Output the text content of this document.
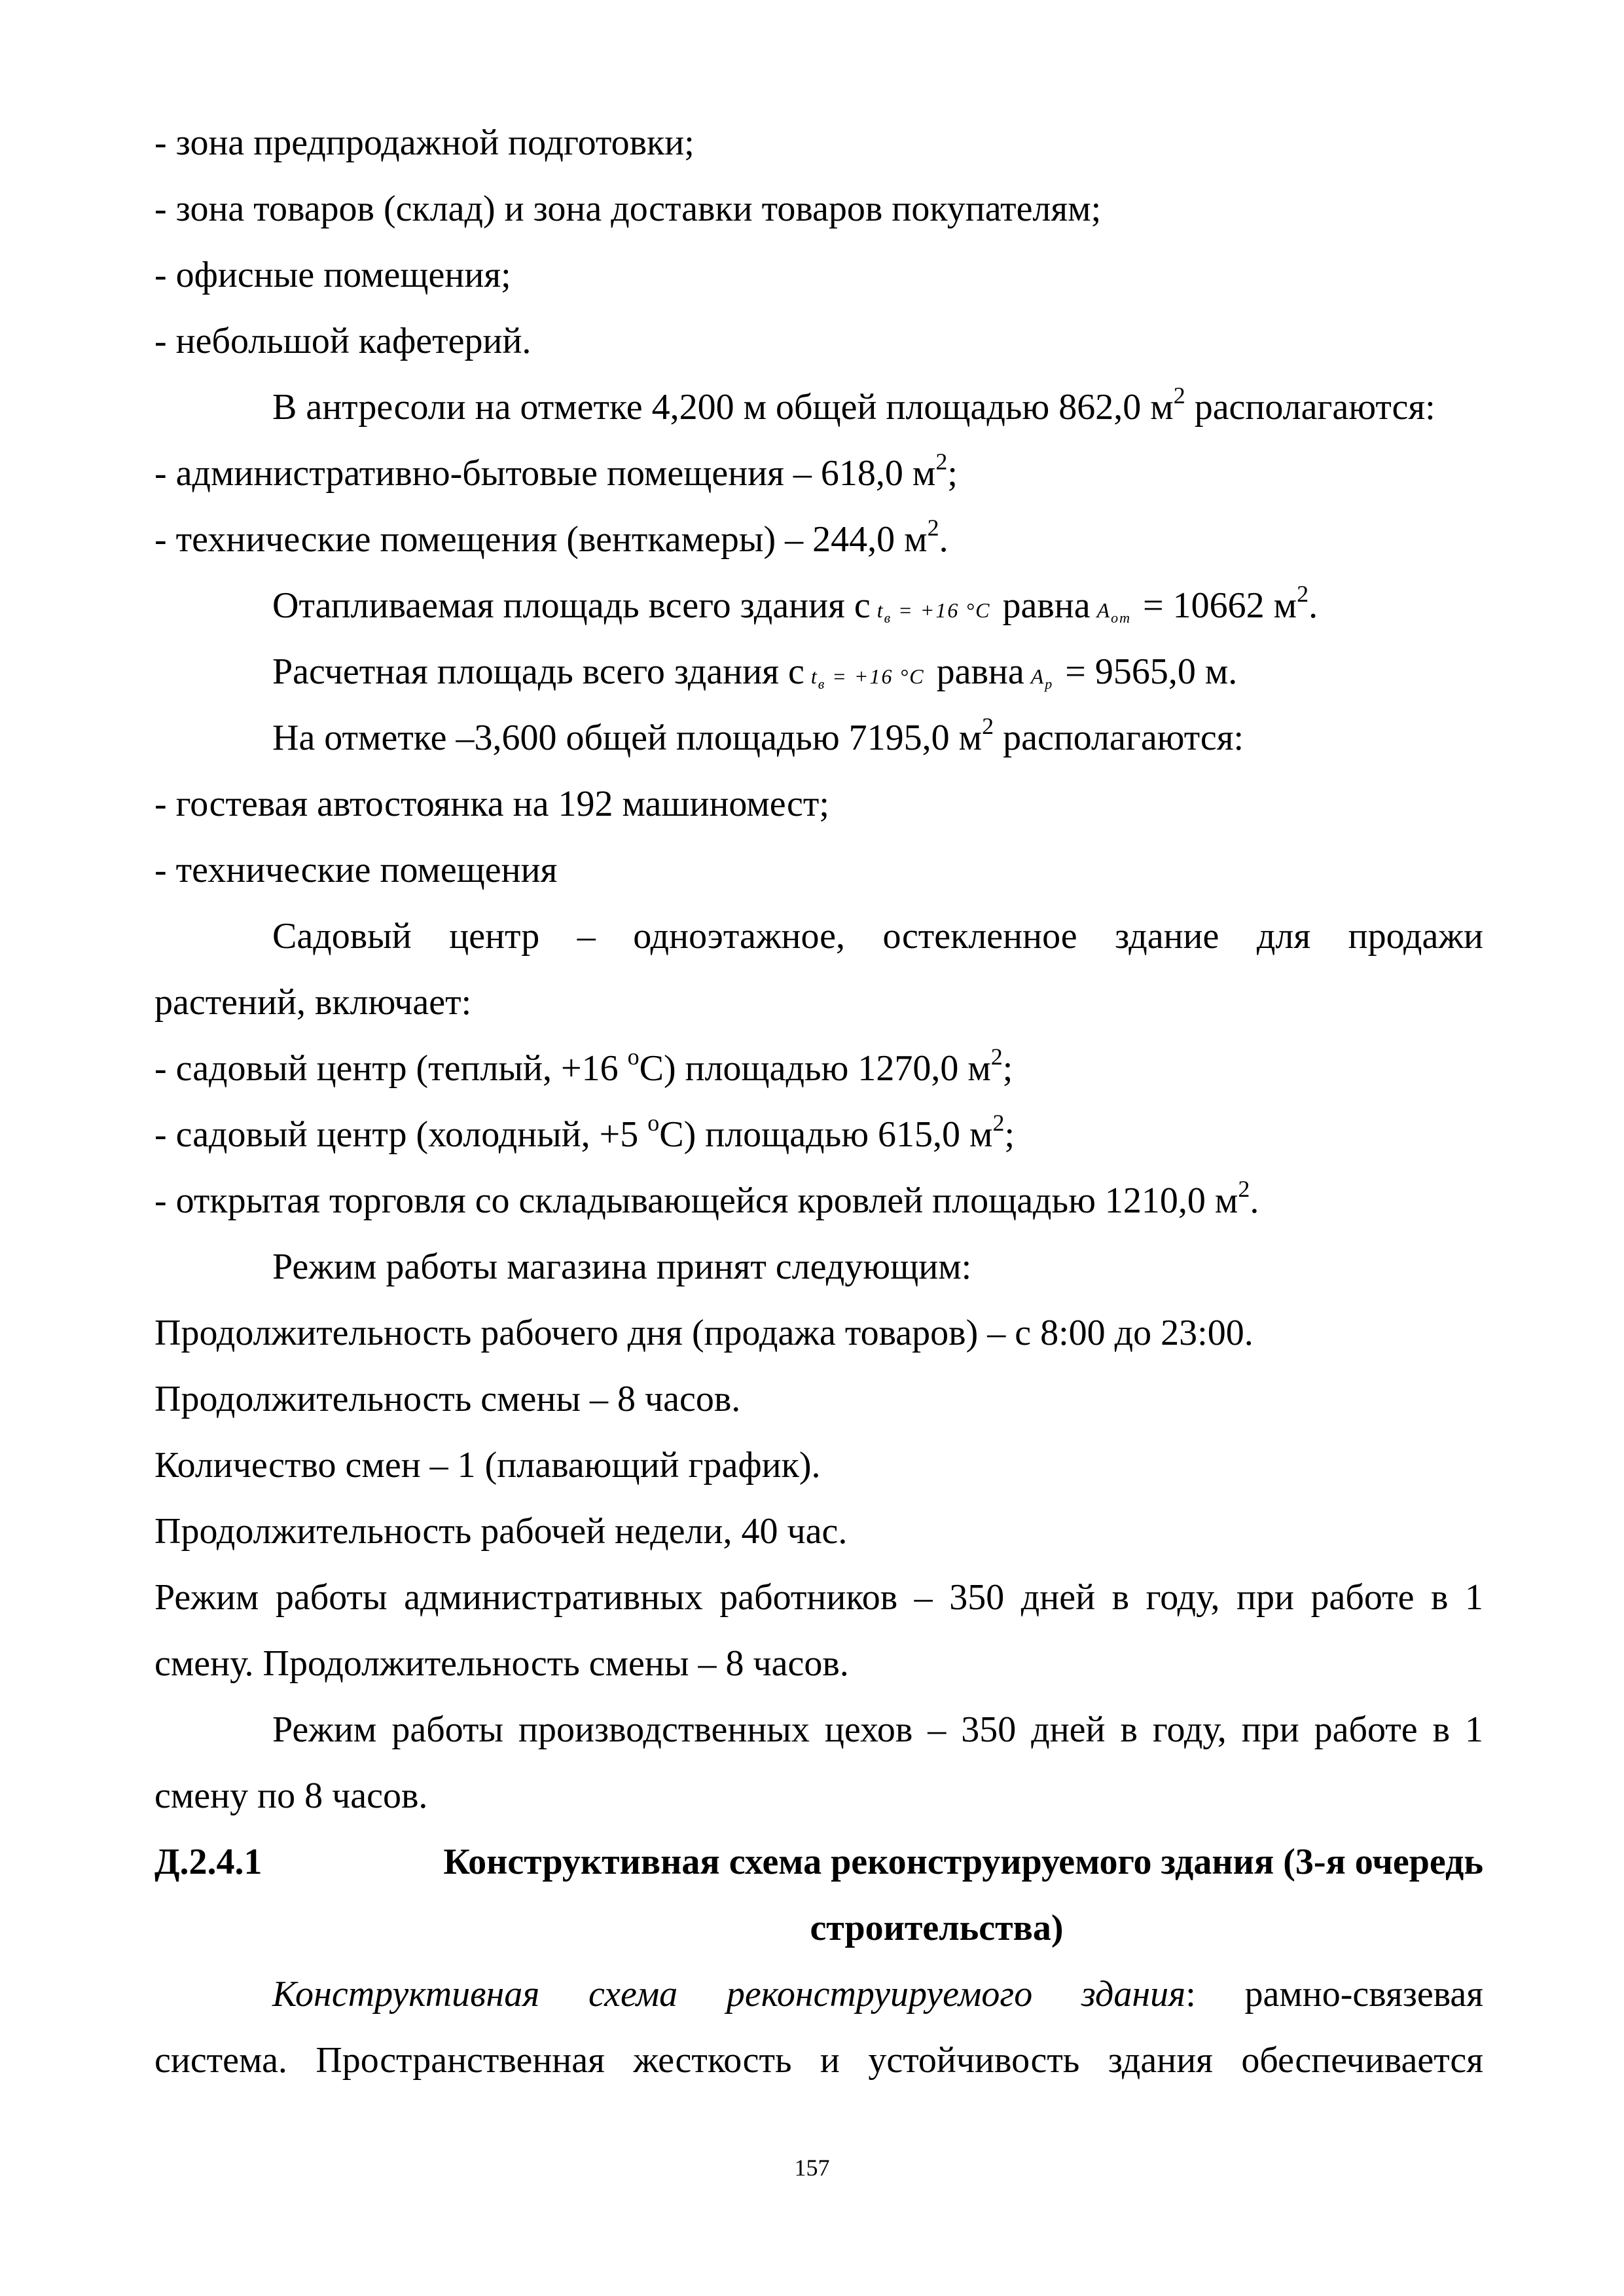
- зона предпродажной подготовки;
- зона товаров (склад) и зона доставки товаров покупателям;
- офисные помещения;
- небольшой кафетерий.
В антресоли на отметке 4,200 м общей площадью 862,0 $м^2$ располагаются:
- административно-бытовые помещения – 618,0 $м^2$;
- технические помещения (венткамеры) – 244,0 $м^2$.
Отапливаемая площадь всего здания с $t_в = +16$ °C равна $A_{от} = 10662$ $м^2$.
Расчетная площадь всего здания с $t_в = +16$ °C равна $A_р = 9565,0$ м.
На отметке –3,600 общей площадью 7195,0 $м^2$ располагаются:
- гостевая автостоянка на 192 машиномест;
- технические помещения
Садовый центр – одноэтажное, остекленное здание для продажи
растений, включает:
- садовый центр (теплый, +16 $^o$C) площадью 1270,0 $м^2$;
- садовый центр (холодный, +5 $^o$C) площадью 615,0 $м^2$;
- открытая торговля со складывающейся кровлей площадью 1210,0 $м^2$.
Режим работы магазина принят следующим:
Продолжительность рабочего дня (продажа товаров) – с 8:00 до 23:00.
Продолжительность смены – 8 часов.
Количество смен – 1 (плавающий график).
Продолжительность рабочей недели, 40 час.
Режим работы административных работников – 350 дней в году, при работе в 1
смену. Продолжительность смены – 8 часов.
Режим работы производственных цехов – 350 дней в году, при работе в 1
смену по 8 часов.
Д.2.4.1	Конструктивная схема реконструируемого здания (3-я очередь
строительства)
Конструктивная схема реконструируемого здания: рамно-связевая
система. Пространственная жесткость и устойчивость здания обеспечивается
157
